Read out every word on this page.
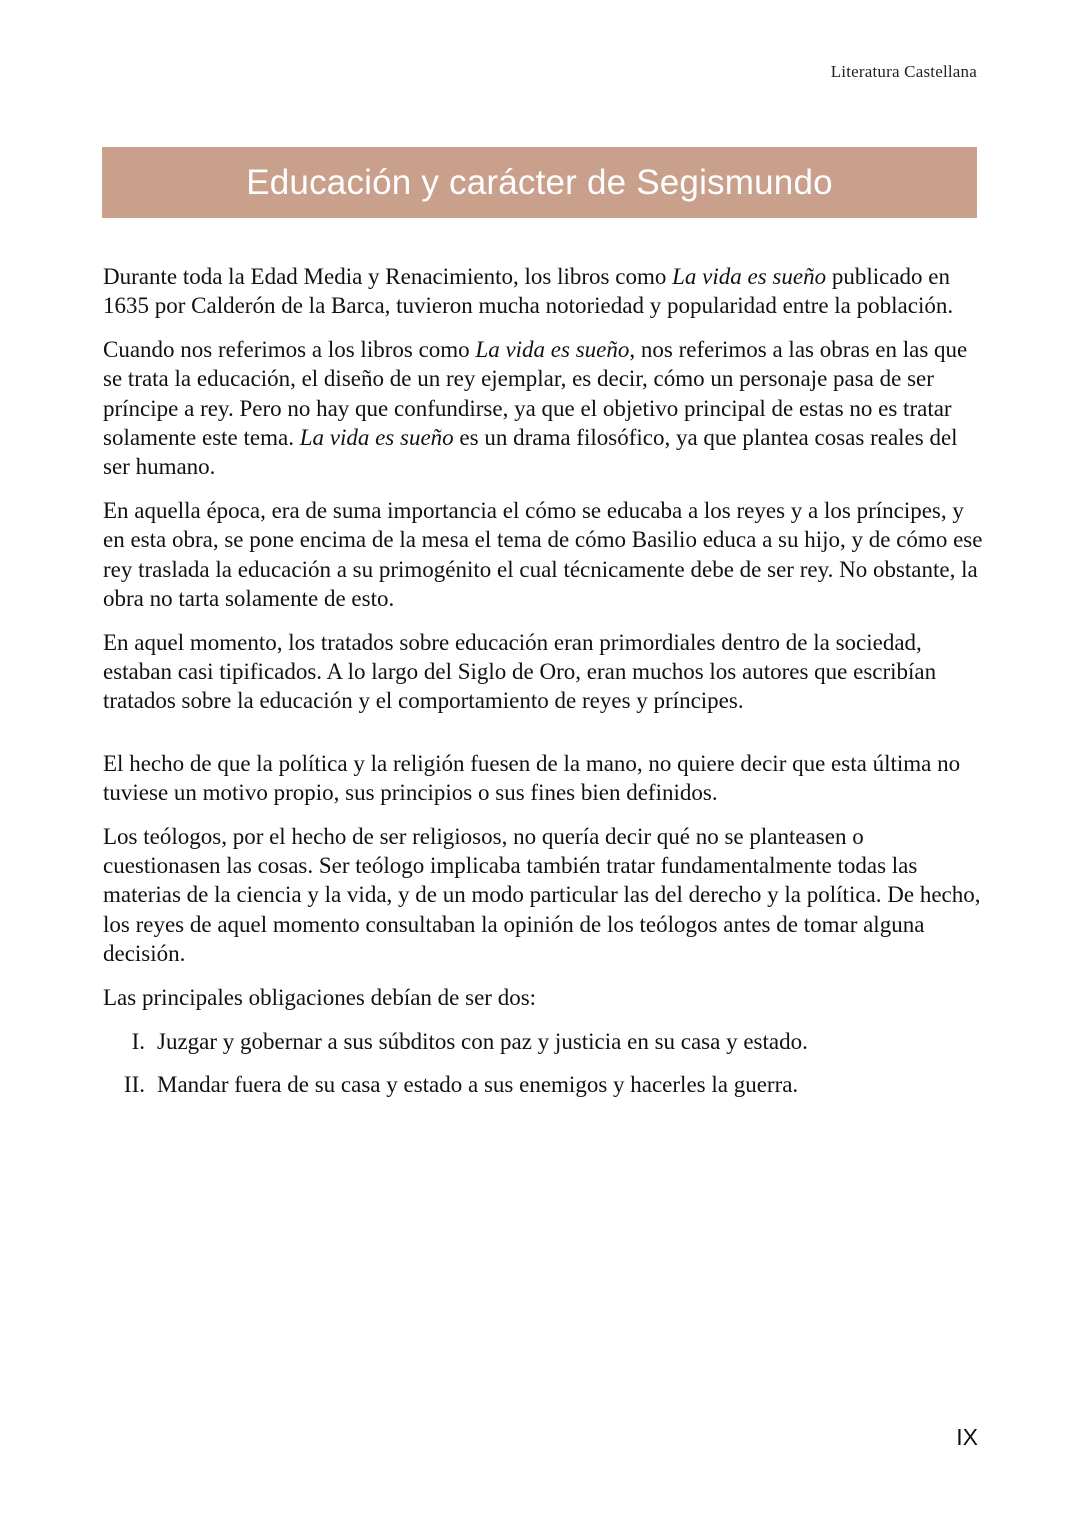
Literatura Castellana
Educación y carácter de Segismundo

Durante toda la Edad Media y Renacimiento, los libros como La vida es sueño publicado en 1635 por Calderón de la Barca, tuvieron mucha notoriedad y popularidad entre la población.

Cuando nos referimos a los libros como La vida es sueño, nos referimos a las obras en las que se trata la educación, el diseño de un rey ejemplar, es decir, cómo un personaje pasa de ser príncipe a rey. Pero no hay que confundirse, ya que el objetivo principal de estas no es tratar solamente este tema. La vida es sueño es un drama filosófico, ya que plantea cosas reales del ser humano.

En aquella época, era de suma importancia el cómo se educaba a los reyes y a los príncipes, y en esta obra, se pone encima de la mesa el tema de cómo Basilio educa a su hijo, y de cómo ese rey traslada la educación a su primogénito el cual técnicamente debe de ser rey. No obstante, la obra no tarta solamente de esto.

En aquel momento, los tratados sobre educación eran primordiales dentro de la sociedad, estaban casi tipificados. A lo largo del Siglo de Oro, eran muchos los autores que escribían tratados sobre la educación y el comportamiento de reyes y príncipes.

El hecho de que la política y la religión fuesen de la mano, no quiere decir que esta última no tuviese un motivo propio, sus principios o sus fines bien definidos.

Los teólogos, por el hecho de ser religiosos, no quería decir qué no se planteasen o cuestionasen las cosas. Ser teólogo implicaba también tratar fundamentalmente todas las materias de la ciencia y la vida, y de un modo particular las del derecho y la política. De hecho, los reyes de aquel momento consultaban la opinión de los teólogos antes de tomar alguna decisión.

Las principales obligaciones debían de ser dos:

I. Juzgar y gobernar a sus súbditos con paz y justicia en su casa y estado.
II. Mandar fuera de su casa y estado a sus enemigos y hacerles la guerra.
IX
